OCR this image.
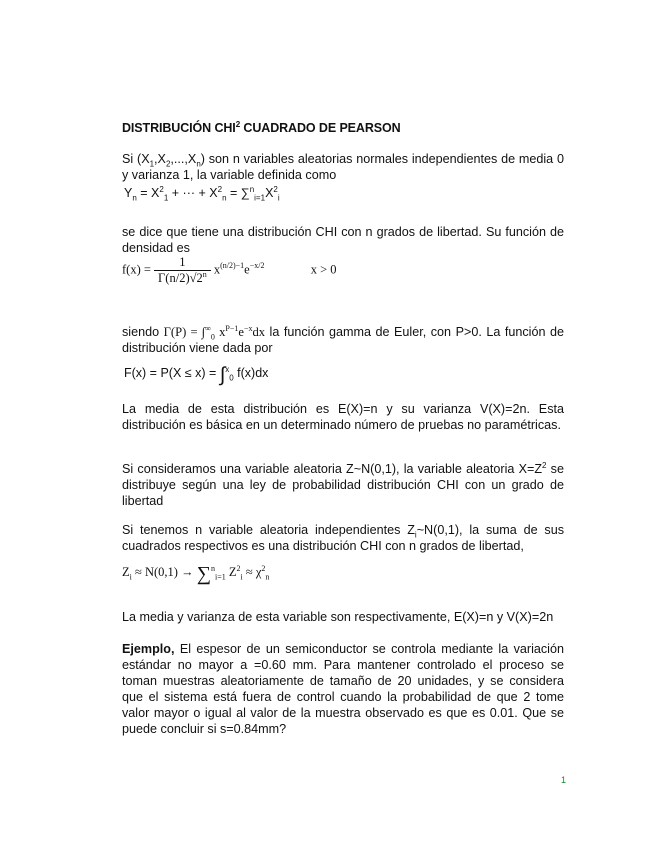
DISTRIBUCIÓN CHI$^2$ CUADRADO DE PEARSON
Si $(X_1,X_2,...,X_n)$ son n variables aleatorias normales independientes de media 0 y varianza 1, la variable definida como
$Y_n = X^2_1$ + ··· + $X^2_n = \sum^n_{i=1}X^2_i$
se dice que tiene una distribución CHI con n grados de libertad. Su función de densidad es
$f(x) = \frac{1}{\Gamma(n/2)√2^n} x^{(n/2)-1}e^{-x/2}$	x > 0
siendo $\Gamma(P) = \int^\infty_0$ $x^{P-1}e^{-x}dx$ la función gamma de Euler, con P>0. La función de distribución viene dada por
F(x) = P(X ≤ x) = ∫$^x_0$ f(x)dx
La media de esta distribución es E(X)=n y su varianza V(X)=2n. Esta distribución es básica en un determinado número de pruebas no paramétricas.
Si consideramos una variable aleatoria Z~N(0,1), la variable aleatoria $X=Z^2$ se distribuye según una ley de probabilidad distribución CHI con un grado de libertad
Si tenemos n variable aleatoria independientes $Z_i\sim N(0,1)$, la suma de sus cuadrados respectivos es una distribución CHI con n grados de libertad,
$Z_i \approx N(0,1) \to \sum^n_{i=1}$ $Z^2_i \approx \chi^2_n$
La media y varianza de esta variable son respectivamente, E(X)=n y V(X)=2n
Ejemplo, El espesor de un semiconductor se controla mediante la variación estándar no mayor a =0.60 mm. Para mantener controlado el proceso se toman muestras aleatoriamente de tamaño de 20 unidades, y se considera que el sistema está fuera de control cuando la probabilidad de que 2 tome valor mayor o igual al valor de la muestra observado es que es 0.01. Que se puede concluir si s=0.84mm?
1
